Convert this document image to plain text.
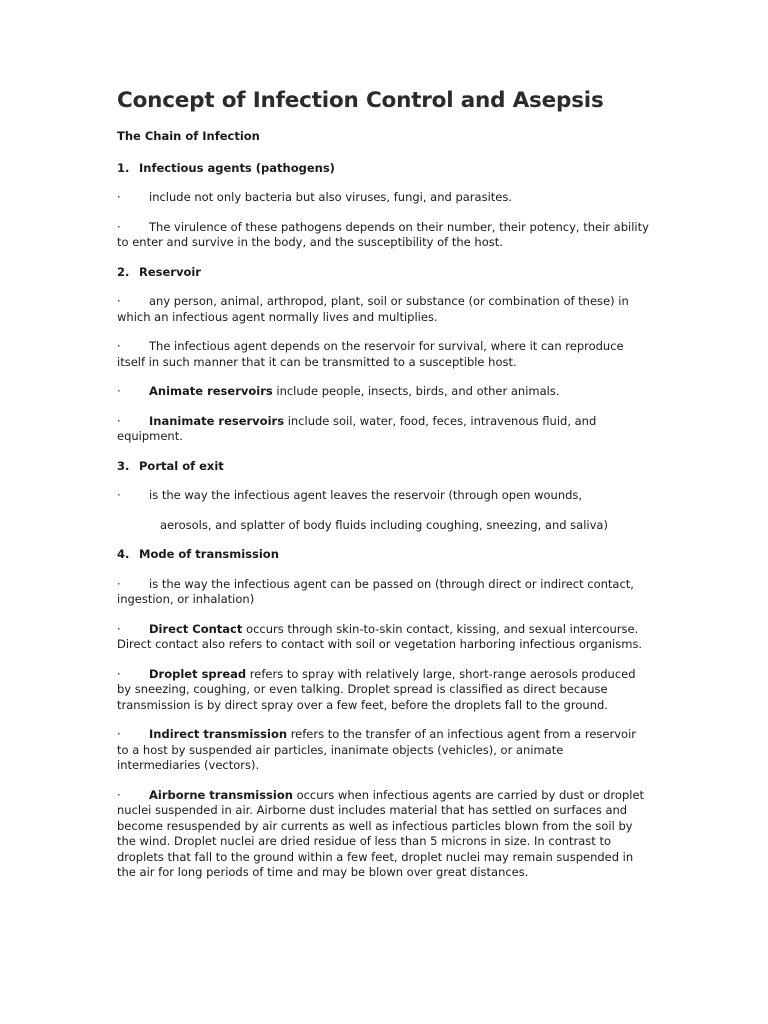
Concept of Infection Control and Asepsis

The Chain of Infection

1. Infectious agents (pathogens)

· include not only bacteria but also viruses, fungi, and parasites.

· The virulence of these pathogens depends on their number, their potency, their ability to enter and survive in the body, and the susceptibility of the host.

2. Reservoir

· any person, animal, arthropod, plant, soil or substance (or combination of these) in which an infectious agent normally lives and multiplies.

· The infectious agent depends on the reservoir for survival, where it can reproduce itself in such manner that it can be transmitted to a susceptible host.

· Animate reservoirs include people, insects, birds, and other animals.

· Inanimate reservoirs include soil, water, food, feces, intravenous fluid, and equipment.

3. Portal of exit

· is the way the infectious agent leaves the reservoir (through open wounds,

aerosols, and splatter of body fluids including coughing, sneezing, and saliva)

4. Mode of transmission

· is the way the infectious agent can be passed on (through direct or indirect contact, ingestion, or inhalation)

· Direct Contact occurs through skin-to-skin contact, kissing, and sexual intercourse. Direct contact also refers to contact with soil or vegetation harboring infectious organisms.

· Droplet spread refers to spray with relatively large, short-range aerosols produced by sneezing, coughing, or even talking. Droplet spread is classified as direct because transmission is by direct spray over a few feet, before the droplets fall to the ground.

· Indirect transmission refers to the transfer of an infectious agent from a reservoir to a host by suspended air particles, inanimate objects (vehicles), or animate intermediaries (vectors).

· Airborne transmission occurs when infectious agents are carried by dust or droplet nuclei suspended in air. Airborne dust includes material that has settled on surfaces and become resuspended by air currents as well as infectious particles blown from the soil by the wind. Droplet nuclei are dried residue of less than 5 microns in size. In contrast to droplets that fall to the ground within a few feet, droplet nuclei may remain suspended in the air for long periods of time and may be blown over great distances.
